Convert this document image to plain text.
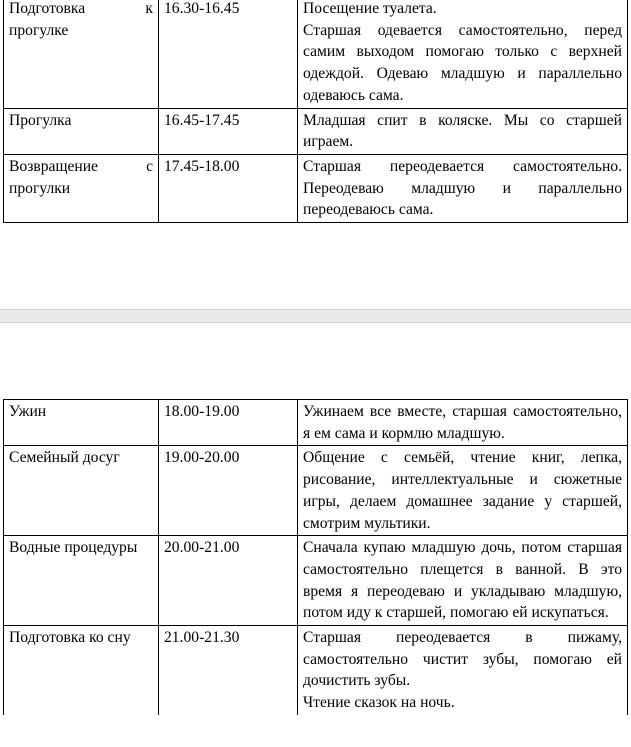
Подготовка к прогулке	16.30-16.45	Посещение туалета.

Старшая одевается самостоятельно, перед самим выходом помогаю только с верхней одеждой. Одеваю младшую и параллельно одеваюсь сама.

Прогулка	16.45-17.45	Младшая спит в коляске. Мы со старшей играем.

Возвращение с прогулки	17.45-18.00	Старшая переодевается самостоятельно. Переодеваю младшую и параллельно переодеваюсь сама.

Ужин	18.00-19.00	Ужинаем все вместе, старшая самостоятельно, я ем сама и кормлю младшую.

Семейный досуг	19.00-20.00	Общение с семьёй, чтение книг, лепка, рисование, интеллектуальные и сюжетные игры, делаем домашнее задание у старшей, смотрим мультики.

Водные процедуры	20.00-21.00	Сначала купаю младшую дочь, потом старшая самостоятельно плещется в ванной. В это время я переодеваю и укладываю младшую, потом иду к старшей, помогаю ей искупаться.

Подготовка ко сну	21.00-21.30	Старшая переодевается в пижаму, самостоятельно чистит зубы, помогаю ей дочистить зубы.

Чтение сказок на ночь.
